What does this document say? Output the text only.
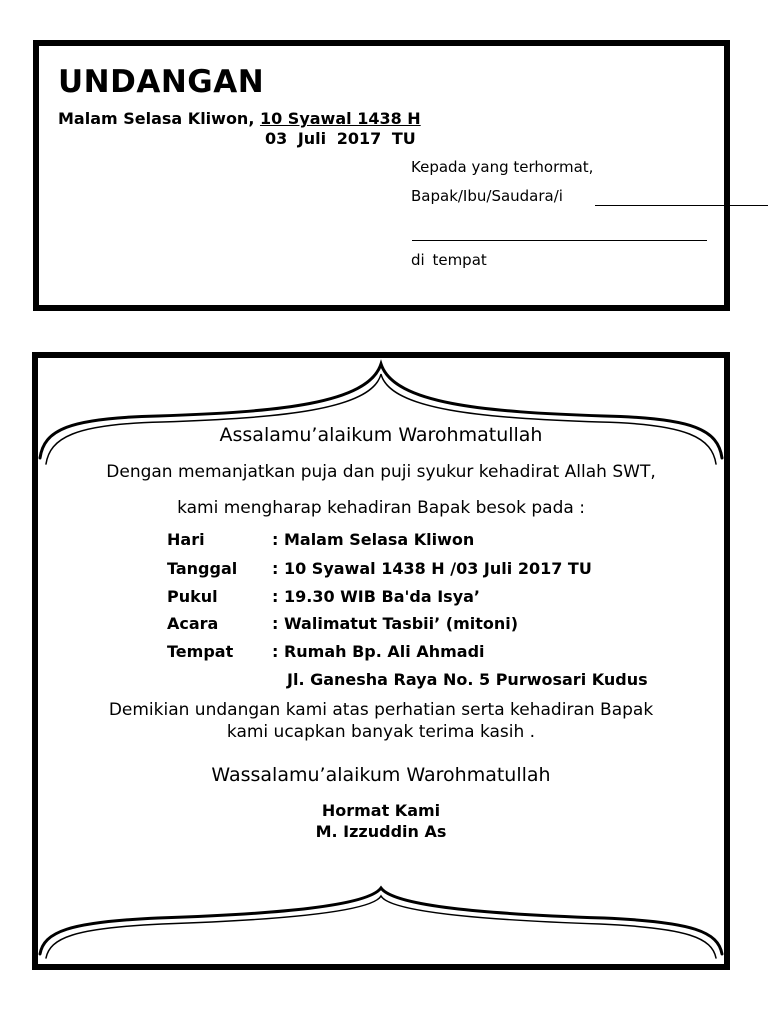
UNDANGAN
Malam Selasa Kliwon, 10 Syawal 1438 H
03 Juli 2017 TU
Kepada yang terhormat,
Bapak/Ibu/Saudara/i
di tempat
Assalamu’alaikum Warohmatullah
Dengan memanjatkan puja dan puji syukur kehadirat Allah SWT,
kami mengharap kehadiran Bapak besok pada :
Hari	: Malam Selasa Kliwon
Tanggal : 10 Syawal 1438 H /03 Juli 2017 TU
Pukul	: 19.30 WIB Ba'da Isya’
Acara	: Walimatut Tasbii’ (mitoni)
Tempat : Rumah Bp. Ali Ahmadi
Jl. Ganesha Raya No. 5 Purwosari Kudus
Demikian undangan kami atas perhatian serta kehadiran Bapak
kami ucapkan banyak terima kasih .
Wassalamu’alaikum Warohmatullah
Hormat Kami
M. Izzuddin As
